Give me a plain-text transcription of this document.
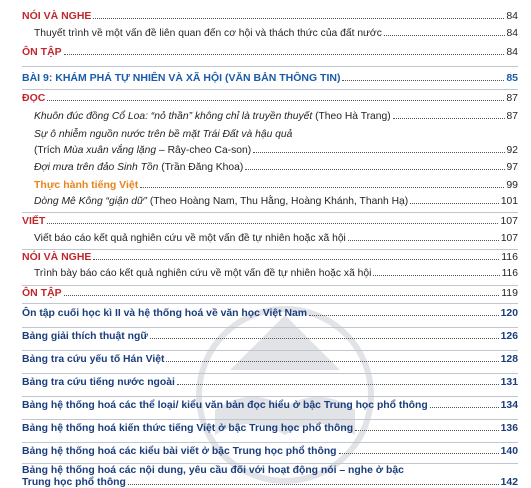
NÓI VÀ NGHE	84
Thuyết trình về một vấn đề liên quan đến cơ hội và thách thức của đất nước	84
ÔN TẬP	84
BÀI 9: KHÁM PHÁ TỰ NHIÊN VÀ XÃ HỘI (VĂN BẢN THÔNG TIN)	85
ĐỌC	87
Khuôn đúc đồng Cổ Loa: “nỏ thần” không chỉ là truyền thuyết (Theo Hà Trang)	87
Sự ô nhiễm nguồn nước trên bề mặt Trái Đất và hậu quả
(Trích Mùa xuân vắng lặng – Rây-cheo Ca-son)	92
Đợi mưa trên đảo Sinh Tồn (Trần Đăng Khoa)	97
Thực hành tiếng Việt	99
Dòng Mê Kông “giận dữ” (Theo Hoàng Nam, Thu Hằng, Hoàng Khánh, Thanh Hạ)	101
VIẾT	107
Viết báo cáo kết quả nghiên cứu về một vấn đề tự nhiên hoặc xã hội	107
NÓI VÀ NGHE	116
Trình bày báo cáo kết quả nghiên cứu về một vấn đề tự nhiên hoặc xã hội	116
ÔN TẬP	119
Ôn tập cuối học kì II và hệ thống hoá về văn học Việt Nam	120
Bảng giải thích thuật ngữ	126
Bảng tra cứu yếu tố Hán Việt	128
Bảng tra cứu tiếng nước ngoài	131
Bảng hệ thống hoá các thể loại/ kiểu văn bản đọc hiểu ở bậc Trung học phổ thông	134
Bảng hệ thống hoá kiến thức tiếng Việt ở bậc Trung học phổ thông	136
Bảng hệ thống hoá các kiểu bài viết ở bậc Trung học phổ thông	140
Bảng hệ thống hoá các nội dung, yêu cầu đối với hoạt động nói – nghe ở bậc
Trung học phổ thông	142
